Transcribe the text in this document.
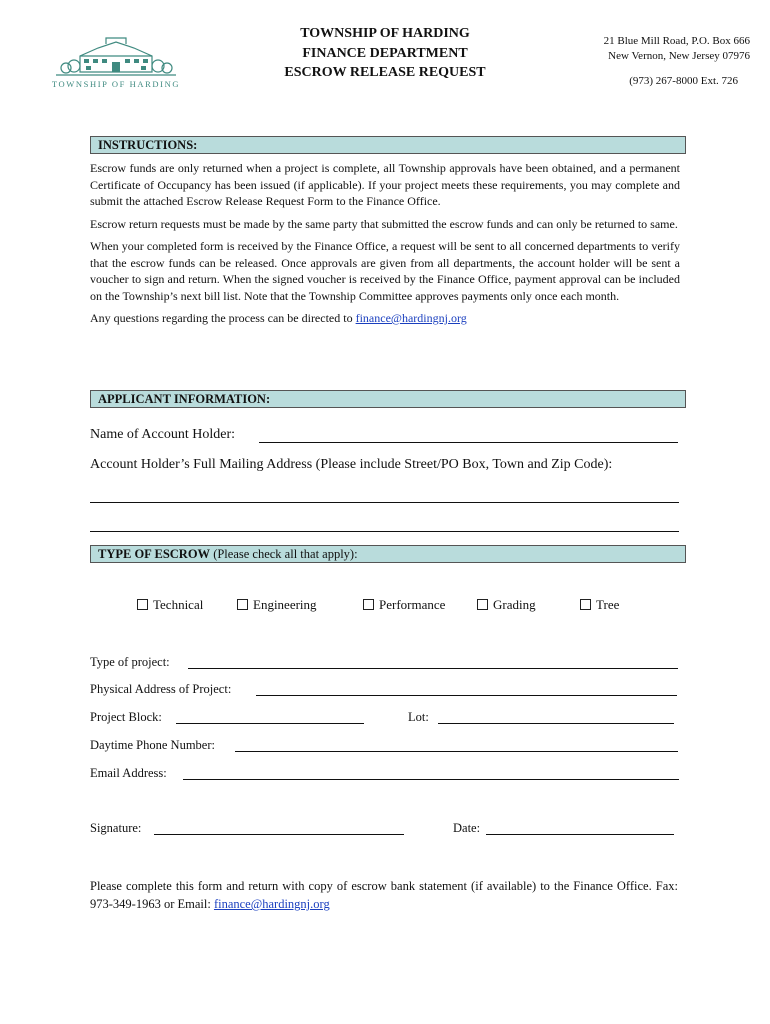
TOWNSHIP OF HARDING
TOWNSHIP OF HARDING
FINANCE DEPARTMENT
ESCROW RELEASE REQUEST
21 Blue Mill Road, P.O. Box 666
New Vernon, New Jersey 07976
(973) 267-8000 Ext. 726
INSTRUCTIONS:

Escrow funds are only returned when a project is complete, all Township approvals have been obtained, and a permanent Certificate of Occupancy has been issued (if applicable). If your project meets these requirements, you may complete and submit the attached Escrow Release Request Form to the Finance Office.

Escrow return requests must be made by the same party that submitted the escrow funds and can only be returned to same.

When your completed form is received by the Finance Office, a request will be sent to all concerned departments to verify that the escrow funds can be released. Once approvals are given from all departments, the account holder will be sent a voucher to sign and return. When the signed voucher is received by the Finance Office, payment approval can be included on the Township’s next bill list. Note that the Township Committee approves payments only once each month.

Any questions regarding the process can be directed to finance@hardingnj.org

APPLICANT INFORMATION:
Name of Account Holder:
Account Holder’s Full Mailing Address (Please include Street/PO Box, Town and Zip Code):
TYPE OF ESCROW (Please check all that apply):
Technical	Engineering	Performance	Grading	Tree
Type of project:
Physical Address of Project:
Project Block:	Lot:
Daytime Phone Number:
Email Address:
Signature:	Date:
Please complete this form and return with copy of escrow bank statement (if available) to the Finance Office. Fax: 973-349-1963 or Email: finance@hardingnj.org
